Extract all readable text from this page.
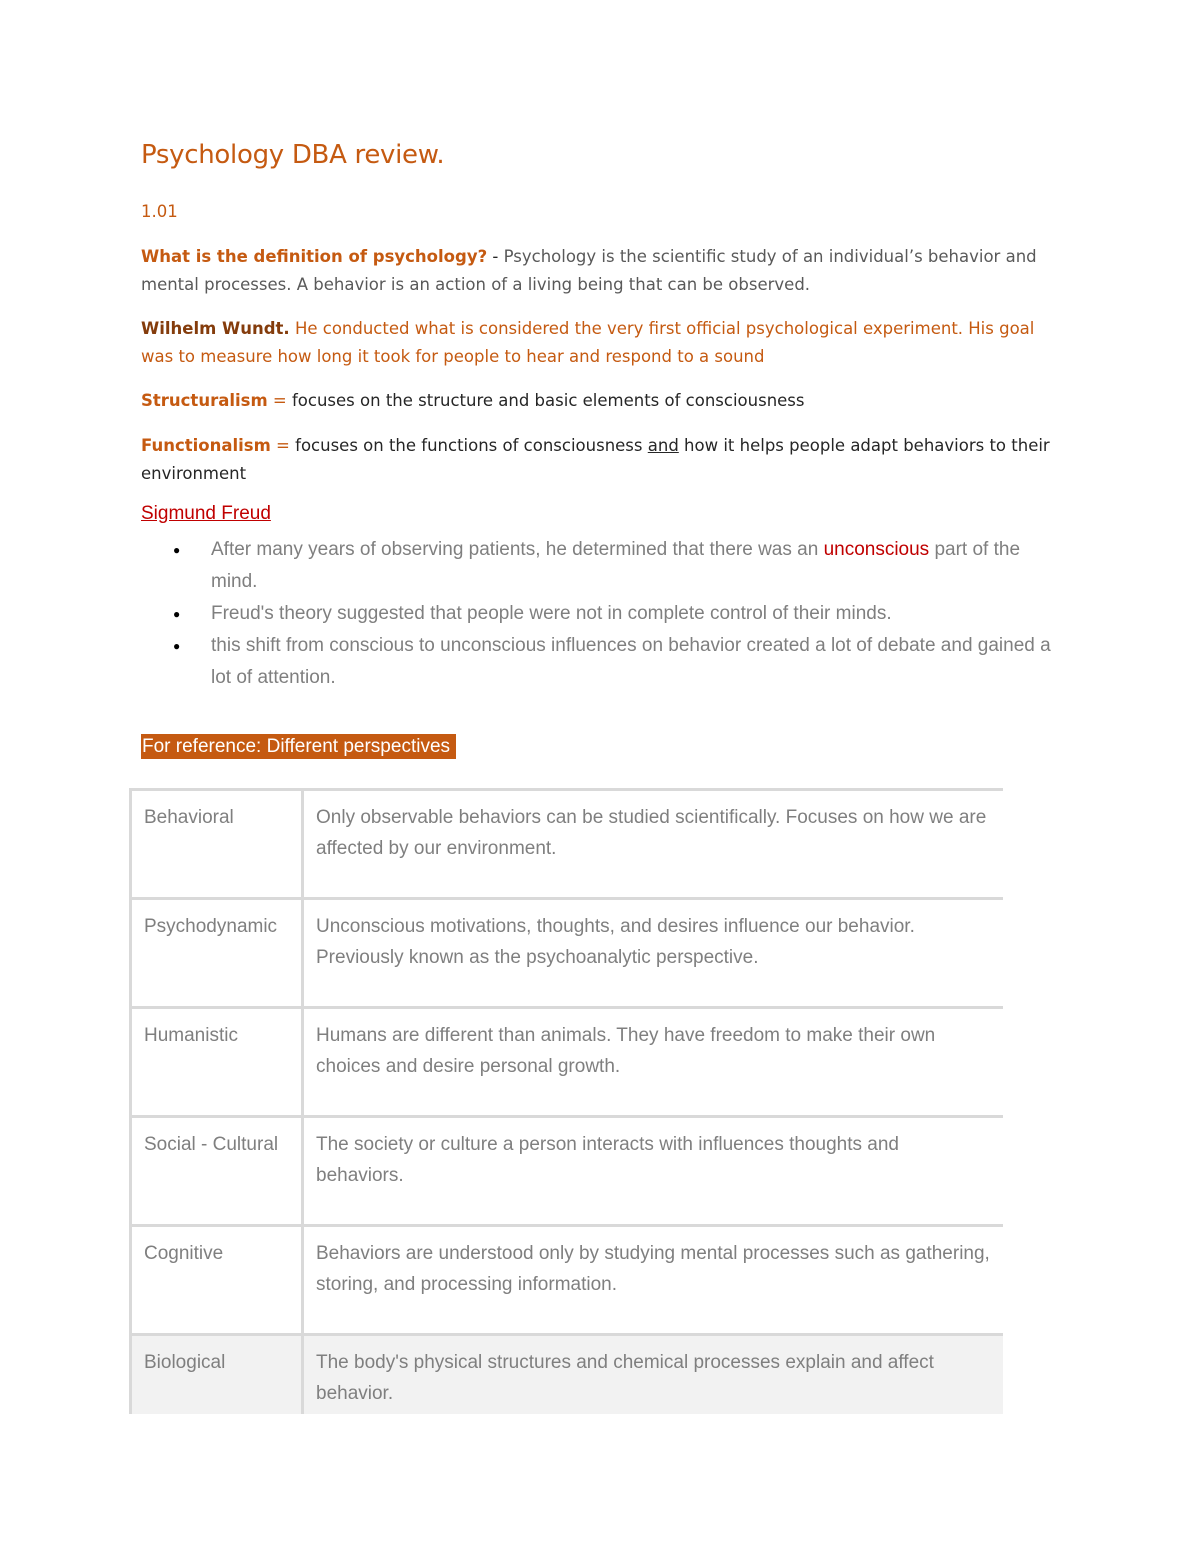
Psychology DBA review.

1.01

What is the definition of psychology? - Psychology is the scientific study of an individual’s behavior and mental processes. A behavior is an action of a living being that can be observed.

Wilhelm Wundt. He conducted what is considered the very first official psychological experiment. His goal was to measure how long it took for people to hear and respond to a sound

Structuralism = focuses on the structure and basic elements of consciousness

Functionalism = focuses on the functions of consciousness and how it helps people adapt behaviors to their environment

Sigmund Freud

● After many years of observing patients, he determined that there was an unconscious part of the mind.
● Freud's theory suggested that people were not in complete control of their minds.
● this shift from conscious to unconscious influences on behavior created a lot of debate and gained a lot of attention.
For reference: Different perspectives
Behavioral	Only observable behaviors can be studied scientifically. Focuses on how we are affected by our environment.
Psychodynamic	Unconscious motivations, thoughts, and desires influence our behavior. Previously known as the psychoanalytic perspective.
Humanistic	Humans are different than animals. They have freedom to make their own choices and desire personal growth.
Social - Cultural	The society or culture a person interacts with influences thoughts and behaviors.
Cognitive	Behaviors are understood only by studying mental processes such as gathering, storing, and processing information.
Biological	The body's physical structures and chemical processes explain and affect behavior.
